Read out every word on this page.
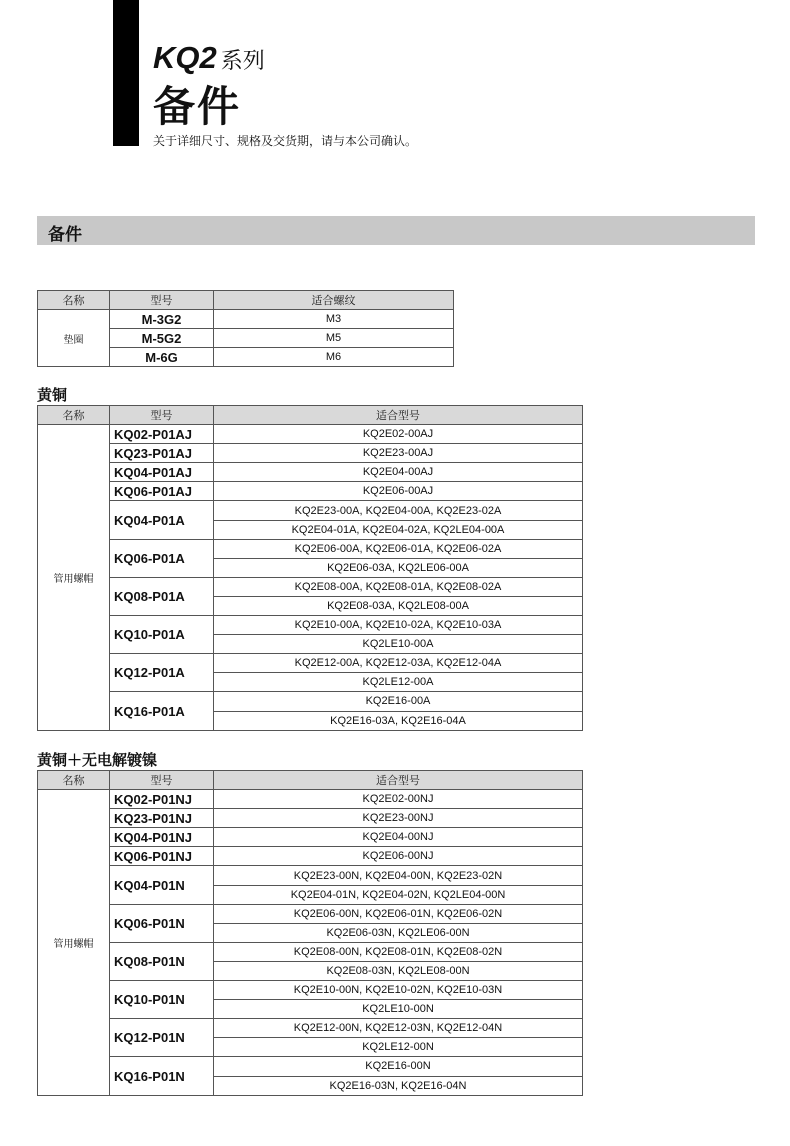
KQ2 系列
备件
关于详细尺寸、规格及交货期，请与本公司确认。
备件
名称	型号	适合螺纹
垫圈	M-3G2	M3
	M-5G2	M5
	M-6G	M6
黄铜
名称	型号	适合型号
管用螺帽	KQ02-P01AJ	KQ2E02-00AJ
	KQ23-P01AJ	KQ2E23-00AJ
	KQ04-P01AJ	KQ2E04-00AJ
	KQ06-P01AJ	KQ2E06-00AJ
	KQ04-P01A	KQ2E23-00A, KQ2E04-00A, KQ2E23-02A
		KQ2E04-01A, KQ2E04-02A, KQ2LE04-00A
	KQ06-P01A	KQ2E06-00A, KQ2E06-01A, KQ2E06-02A
		KQ2E06-03A, KQ2LE06-00A
	KQ08-P01A	KQ2E08-00A, KQ2E08-01A, KQ2E08-02A
		KQ2E08-03A, KQ2LE08-00A
	KQ10-P01A	KQ2E10-00A, KQ2E10-02A, KQ2E10-03A
		KQ2LE10-00A
	KQ12-P01A	KQ2E12-00A, KQ2E12-03A, KQ2E12-04A
		KQ2LE12-00A
	KQ16-P01A	KQ2E16-00A
		KQ2E16-03A, KQ2E16-04A
黄铜＋无电解镀镍
名称	型号	适合型号
管用螺帽	KQ02-P01NJ	KQ2E02-00NJ
	KQ23-P01NJ	KQ2E23-00NJ
	KQ04-P01NJ	KQ2E04-00NJ
	KQ06-P01NJ	KQ2E06-00NJ
	KQ04-P01N	KQ2E23-00N, KQ2E04-00N, KQ2E23-02N
		KQ2E04-01N, KQ2E04-02N, KQ2LE04-00N
	KQ06-P01N	KQ2E06-00N, KQ2E06-01N, KQ2E06-02N
		KQ2E06-03N, KQ2LE06-00N
	KQ08-P01N	KQ2E08-00N, KQ2E08-01N, KQ2E08-02N
		KQ2E08-03N, KQ2LE08-00N
	KQ10-P01N	KQ2E10-00N, KQ2E10-02N, KQ2E10-03N
		KQ2LE10-00N
	KQ12-P01N	KQ2E12-00N, KQ2E12-03N, KQ2E12-04N
		KQ2LE12-00N
	KQ16-P01N	KQ2E16-00N
		KQ2E16-03N, KQ2E16-04N
